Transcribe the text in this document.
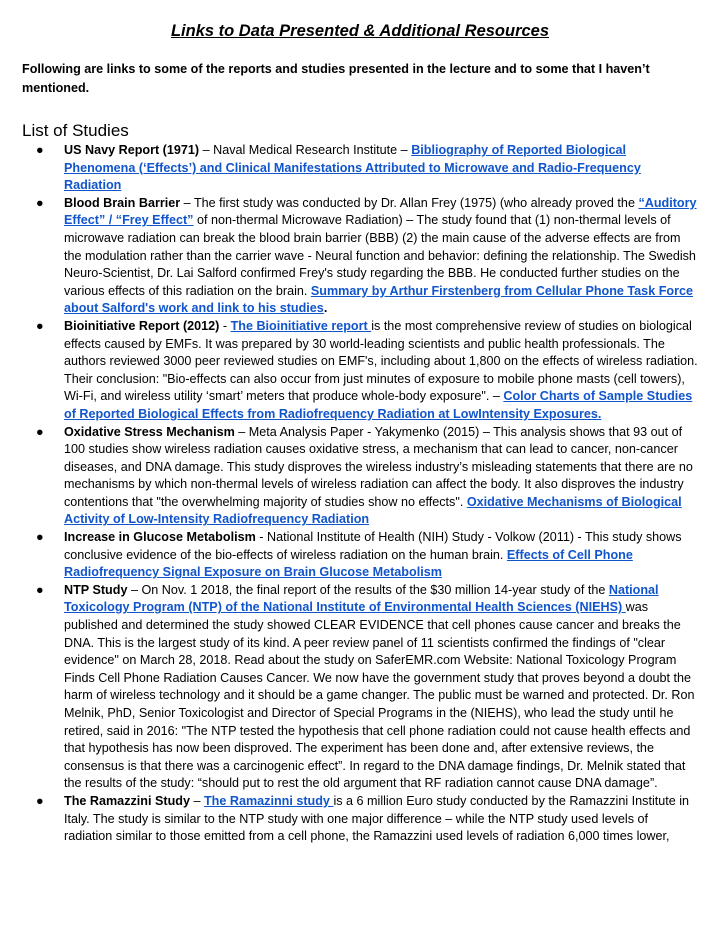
Links to Data Presented & Additional Resources
Following are links to some of the reports and studies presented in the lecture and to some that I haven’t mentioned.
List of Studies
● US Navy Report (1971) – Naval Medical Research Institute – Bibliography of Reported Biological Phenomena (‘Effects’) and Clinical Manifestations Attributed to Microwave and Radio-Frequency Radiation
● Blood Brain Barrier – The first study was conducted by Dr. Allan Frey (1975) (who already proved the “Auditory Effect” / “Frey Effect” of non-thermal Microwave Radiation) – The study found that (1) non-thermal levels of microwave radiation can break the blood brain barrier (BBB) (2) the main cause of the adverse effects are from the modulation rather than the carrier wave - Neural function and behavior: defining the relationship. The Swedish Neuro-Scientist, Dr. Lai Salford confirmed Frey's study regarding the BBB. He conducted further studies on the various effects of this radiation on the brain. Summary by Arthur Firstenberg from Cellular Phone Task Force about Salford's work and link to his studies.
● Bioinitiative Report (2012) - The Bioinitiative report is the most comprehensive review of studies on biological effects caused by EMFs. It was prepared by 30 world-leading scientists and public health professionals. The authors reviewed 3000 peer reviewed studies on EMF's, including about 1,800 on the effects of wireless radiation. Their conclusion: "Bio-effects can also occur from just minutes of exposure to mobile phone masts (cell towers), Wi-Fi, and wireless utility ‘smart’ meters that produce whole-body exposure". – Color Charts of Sample Studies of Reported Biological Effects from Radiofrequency Radiation at LowIntensity Exposures.
● Oxidative Stress Mechanism – Meta Analysis Paper - Yakymenko (2015) – This analysis shows that 93 out of 100 studies show wireless radiation causes oxidative stress, a mechanism that can lead to cancer, non-cancer diseases, and DNA damage. This study disproves the wireless industry’s misleading statements that there are no mechanisms by which non-thermal levels of wireless radiation can affect the body. It also disproves the industry contentions that "the overwhelming majority of studies show no effects". Oxidative Mechanisms of Biological Activity of Low-Intensity Radiofrequency Radiation
● Increase in Glucose Metabolism - National Institute of Health (NIH) Study - Volkow (2011) - This study shows conclusive evidence of the bio-effects of wireless radiation on the human brain. Effects of Cell Phone Radiofrequency Signal Exposure on Brain Glucose Metabolism
● NTP Study – On Nov. 1 2018, the final report of the results of the $30 million 14-year study of the National Toxicology Program (NTP) of the National Institute of Environmental Health Sciences (NIEHS) was published and determined the study showed CLEAR EVIDENCE that cell phones cause cancer and breaks the DNA. This is the largest study of its kind. A peer review panel of 11 scientists confirmed the findings of "clear evidence" on March 28, 2018. Read about the study on SaferEMR.com Website: National Toxicology Program Finds Cell Phone Radiation Causes Cancer. We now have the government study that proves beyond a doubt the harm of wireless technology and it should be a game changer. The public must be warned and protected. Dr. Ron Melnik, PhD, Senior Toxicologist and Director of Special Programs in the (NIEHS), who lead the study until he retired, said in 2016: "The NTP tested the hypothesis that cell phone radiation could not cause health effects and that hypothesis has now been disproved. The experiment has been done and, after extensive reviews, the consensus is that there was a carcinogenic effect”. In regard to the DNA damage findings, Dr. Melnik stated that the results of the study: “should put to rest the old argument that RF radiation cannot cause DNA damage”.
● The Ramazzini Study – The Ramazinni study is a 6 million Euro study conducted by the Ramazzini Institute in Italy. The study is similar to the NTP study with one major difference – while the NTP study used levels of radiation similar to those emitted from a cell phone, the Ramazzini used levels of radiation 6,000 times lower,
